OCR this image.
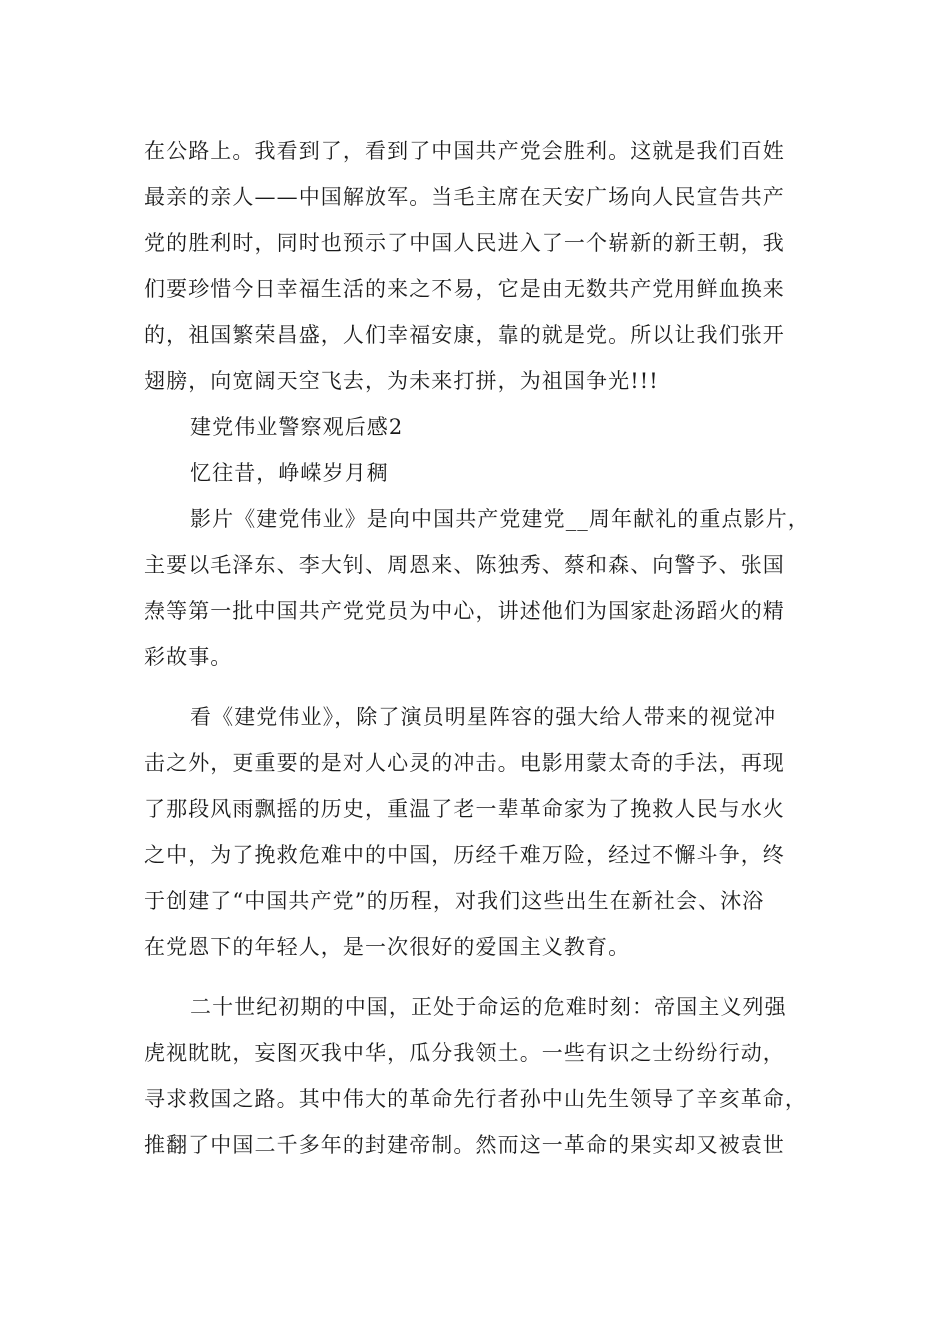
在公路上。我看到了，看到了中国共产党会胜利。这就是我们百姓

最亲的亲人——中国解放军。当毛主席在天安广场向人民宣告共产

党的胜利时，同时也预示了中国人民进入了一个崭新的新王朝，我

们要珍惜今日幸福生活的来之不易，它是由无数共产党用鲜血换来

的，祖国繁荣昌盛，人们幸福安康，靠的就是党。所以让我们张开

翅膀，向宽阔天空飞去，为未来打拼，为祖国争光!!!

建党伟业警察观后感2

忆往昔，峥嵘岁月稠

影片《建党伟业》是向中国共产党建党__周年献礼的重点影片，

主要以毛泽东、李大钊、周恩来、陈独秀、蔡和森、向警予、张国

焘等第一批中国共产党党员为中心，讲述他们为国家赴汤蹈火的精

彩故事。

看《建党伟业》，除了演员明星阵容的强大给人带来的视觉冲

击之外，更重要的是对人心灵的冲击。电影用蒙太奇的手法，再现

了那段风雨飘摇的历史，重温了老一辈革命家为了挽救人民与水火

之中，为了挽救危难中的中国，历经千难万险，经过不懈斗争，终

于创建了“中国共产党”的历程，对我们这些出生在新社会、沐浴

在党恩下的年轻人，是一次很好的爱国主义教育。

二十世纪初期的中国，正处于命运的危难时刻：帝国主义列强

虎视眈眈，妄图灭我中华，瓜分我领土。一些有识之士纷纷行动，

寻求救国之路。其中伟大的革命先行者孙中山先生领导了辛亥革命，

推翻了中国二千多年的封建帝制。然而这一革命的果实却又被袁世
